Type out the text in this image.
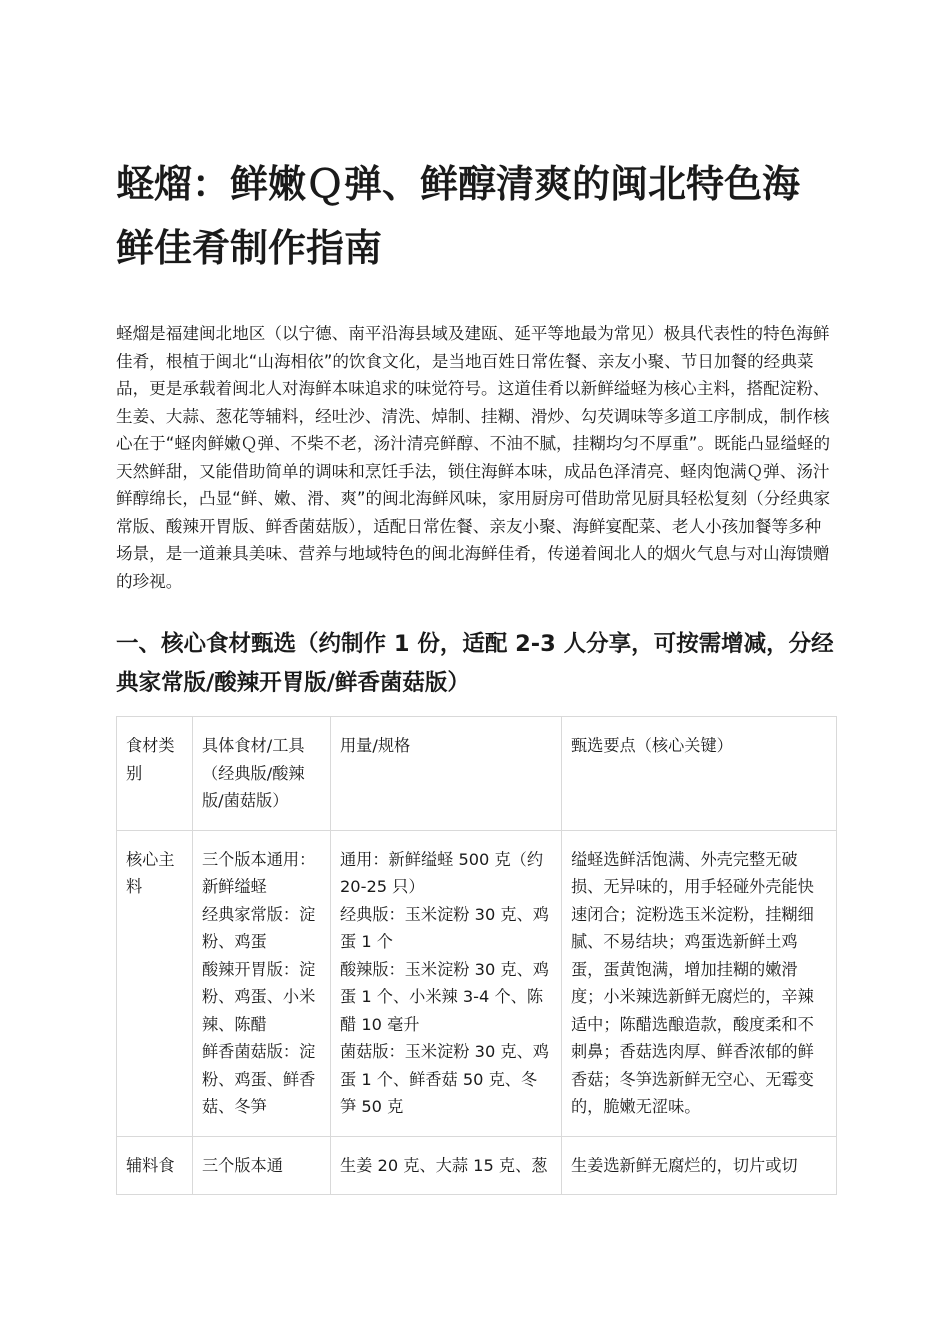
蛏熘：鲜嫩Ｑ弹、鲜醇清爽的闽北特色海鲜佳肴制作指南

蛏熘是福建闽北地区（以宁德、南平沿海县域及建瓯、延平等地最为常见）极具代表性的特色海鲜佳肴，根植于闽北“山海相依”的饮食文化，是当地百姓日常佐餐、亲友小聚、节日加餐的经典菜品，更是承载着闽北人对海鲜本味追求的味觉符号。这道佳肴以新鲜缢蛏为核心主料，搭配淀粉、生姜、大蒜、葱花等辅料，经吐沙、清洗、焯制、挂糊、滑炒、勾芡调味等多道工序制成，制作核心在于“蛏肉鲜嫩Ｑ弹、不柴不老，汤汁清亮鲜醇、不油不腻，挂糊均匀不厚重”。既能凸显缢蛏的天然鲜甜，又能借助简单的调味和烹饪手法，锁住海鲜本味，成品色泽清亮、蛏肉饱满Ｑ弹、汤汁鲜醇绵长，凸显“鲜、嫩、滑、爽”的闽北海鲜风味，家用厨房可借助常见厨具轻松复刻（分经典家常版、酸辣开胃版、鲜香菌菇版），适配日常佐餐、亲友小聚、海鲜宴配菜、老人小孩加餐等多种场景，是一道兼具美味、营养与地域特色的闽北海鲜佳肴，传递着闽北人的烟火气息与对山海馈赠的珍视。

一、核心食材甄选（约制作 1 份，适配 2-3 人分享，可按需增减，分经典家常版/酸辣开胃版/鲜香菌菇版）
食材类别	具体食材/工具（经典版/酸辣版/菌菇版）	用量/规格	甄选要点（核心关键）
核心主料	三个版本通用：新鲜缢蛏
经典家常版：淀粉、鸡蛋
酸辣开胃版：淀粉、鸡蛋、小米辣、陈醋
鲜香菌菇版：淀粉、鸡蛋、鲜香菇、冬笋	通用：新鲜缢蛏 500 克（约 20-25 只）
经典版：玉米淀粉 30 克、鸡蛋 1 个
酸辣版：玉米淀粉 30 克、鸡蛋 1 个、小米辣 3-4 个、陈醋 10 毫升
菌菇版：玉米淀粉 30 克、鸡蛋 1 个、鲜香菇 50 克、冬笋 50 克	缢蛏选鲜活饱满、外壳完整无破损、无异味的，用手轻碰外壳能快速闭合；淀粉选玉米淀粉，挂糊细腻、不易结块；鸡蛋选新鲜土鸡蛋，蛋黄饱满，增加挂糊的嫩滑度；小米辣选新鲜无腐烂的，辛辣适中；陈醋选酿造款，酸度柔和不刺鼻；香菇选肉厚、鲜香浓郁的鲜香菇；冬笋选新鲜无空心、无霉变的，脆嫩无涩味。
辅料食	三个版本通	生姜 20 克、大蒜 15 克、葱	生姜选新鲜无腐烂的，切片或切
